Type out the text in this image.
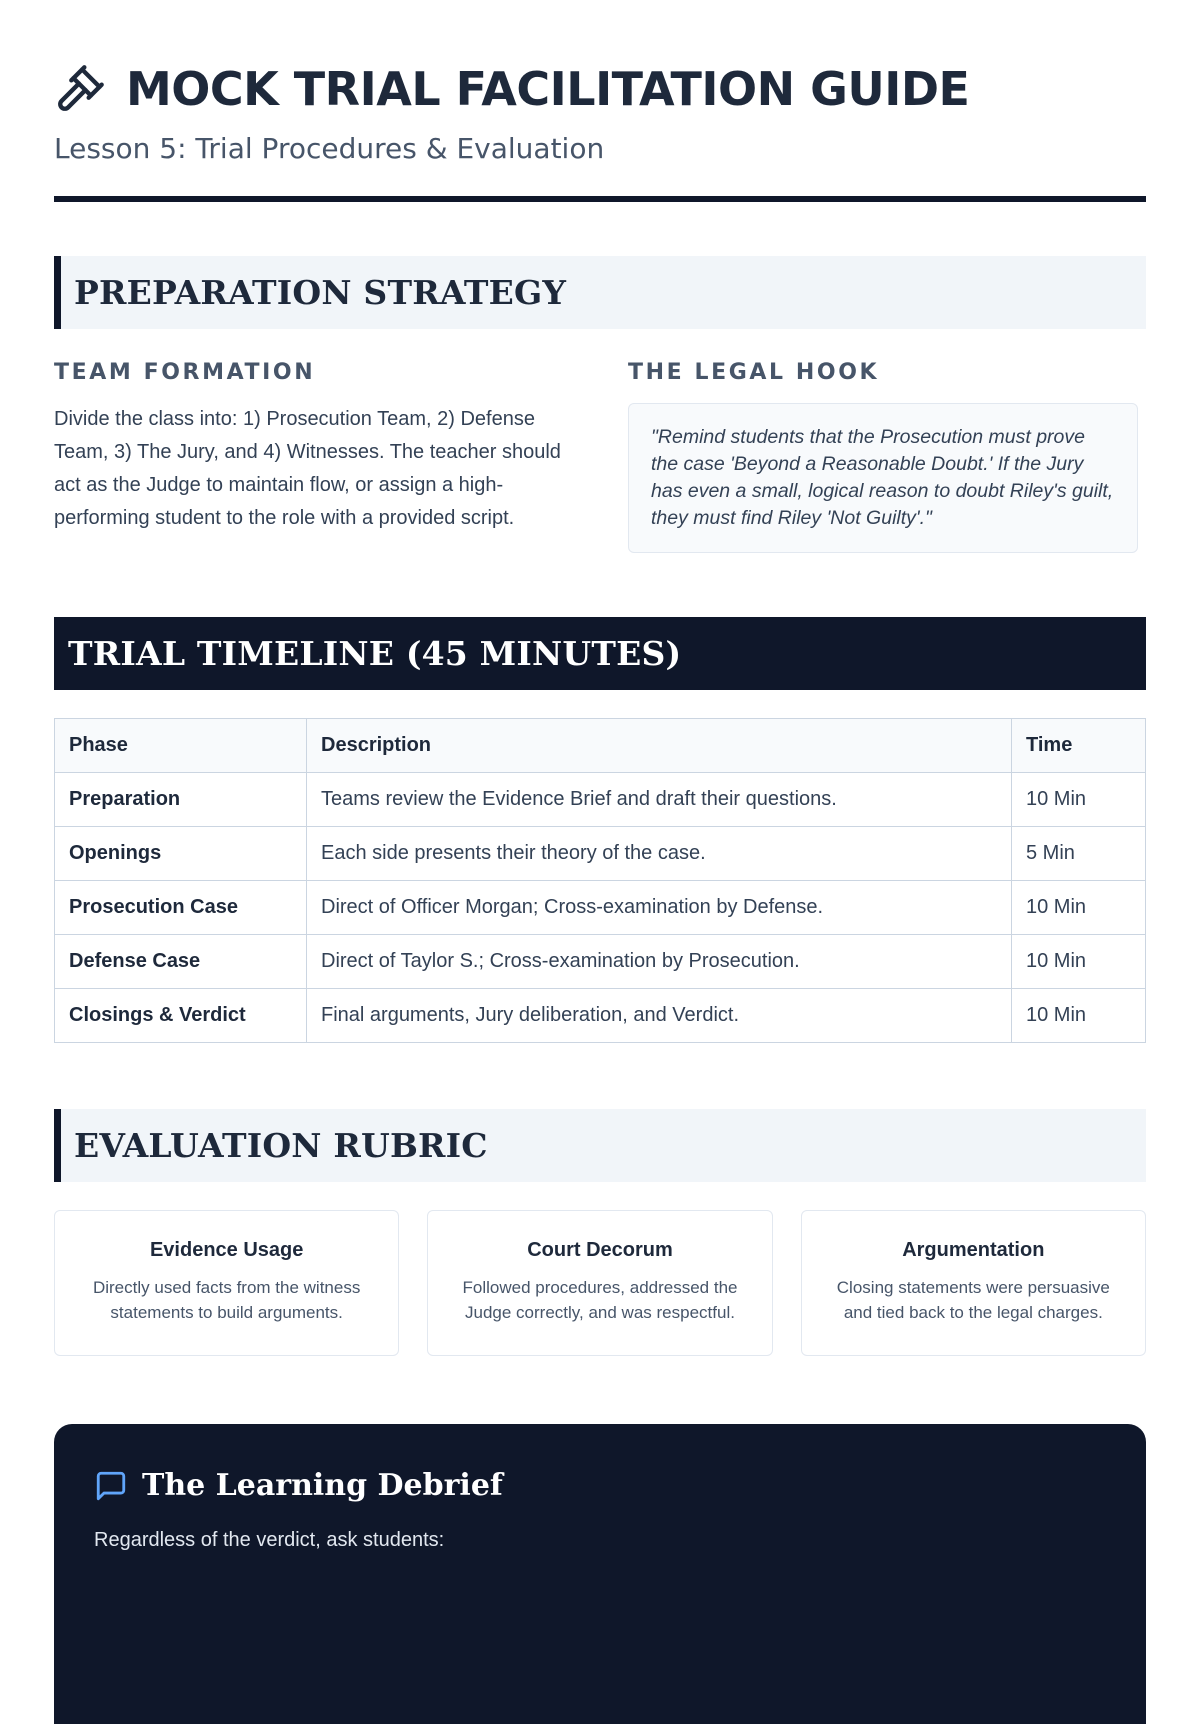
MOCK TRIAL FACILITATION GUIDE

Lesson 5: Trial Procedures & Evaluation

PREPARATION STRATEGY
TEAM FORMATION

Divide the class into: 1) Prosecution Team, 2) Defense Team, 3) The Jury, and 4) Witnesses. The teacher should act as the Judge to maintain flow, or assign a high-performing student to the role with a provided script.

THE LEGAL HOOK

"Remind students that the Prosecution must prove the case 'Beyond a Reasonable Doubt.' If the Jury has even a small, logical reason to doubt Riley's guilt, they must find Riley 'Not Guilty'."

TRIAL TIMELINE (45 MINUTES)
Phase	Description	Time
Preparation	Teams review the Evidence Brief and draft their questions.	10 Min
Openings	Each side presents their theory of the case.	5 Min
Prosecution Case	Direct of Officer Morgan; Cross-examination by Defense.	10 Min
Defense Case	Direct of Taylor S.; Cross-examination by Prosecution.	10 Min
Closings & Verdict	Final arguments, Jury deliberation, and Verdict.	10 Min
EVALUATION RUBRIC
Evidence Usage

Directly used facts from the witness statements to build arguments.

Court Decorum

Followed procedures, addressed the Judge correctly, and was respectful.

Argumentation

Closing statements were persuasive and tied back to the legal charges.

The Learning Debrief

Regardless of the verdict, ask students:
